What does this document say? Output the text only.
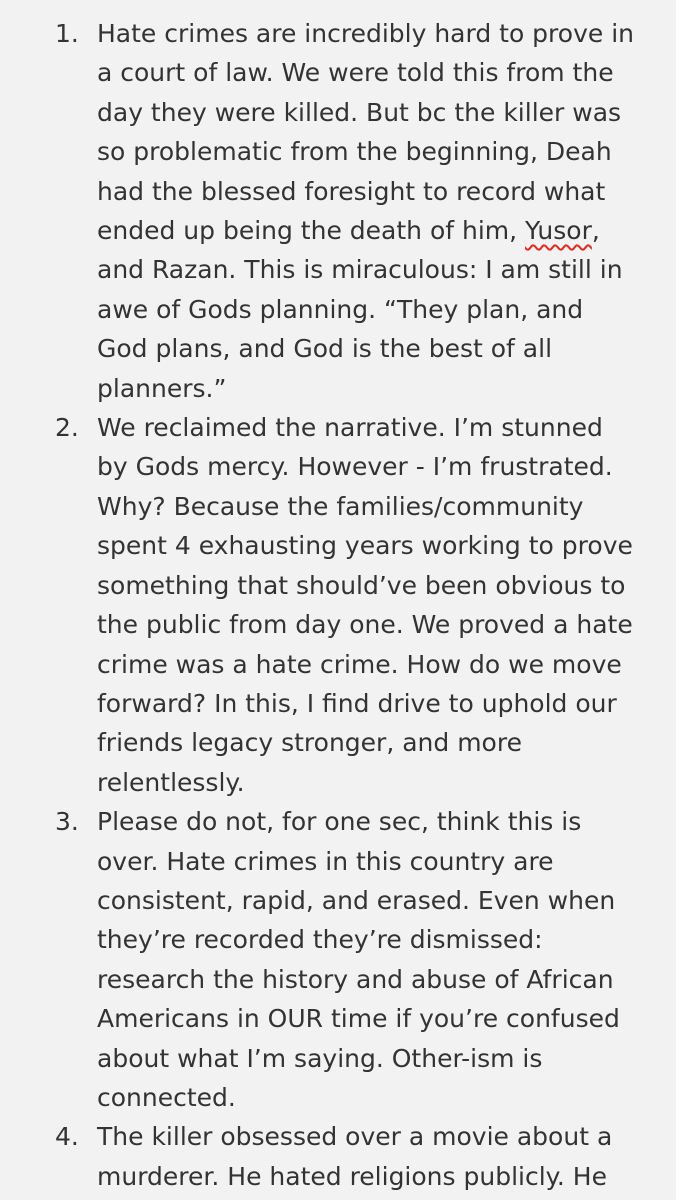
1. Hate crimes are incredibly hard to prove in
a court of law. We were told this from the
day they were killed. But bc the killer was
so problematic from the beginning, Deah
had the blessed foresight to record what
ended up being the death of him, Yusor,
and Razan. This is miraculous: I am still in
awe of Gods planning. “They plan, and
God plans, and God is the best of all
planners.”
2. We reclaimed the narrative. I’m stunned
by Gods mercy. However - I’m frustrated.
Why? Because the families/community
spent 4 exhausting years working to prove
something that should’ve been obvious to
the public from day one. We proved a hate
crime was a hate crime. How do we move
forward? In this, I find drive to uphold our
friends legacy stronger, and more
relentlessly.
3. Please do not, for one sec, think this is
over. Hate crimes in this country are
consistent, rapid, and erased. Even when
they’re recorded they’re dismissed:
research the history and abuse of African
Americans in OUR time if you’re confused
about what I’m saying. Other-ism is
connected.
4. The killer obsessed over a movie about a
murderer. He hated religions publicly. He
